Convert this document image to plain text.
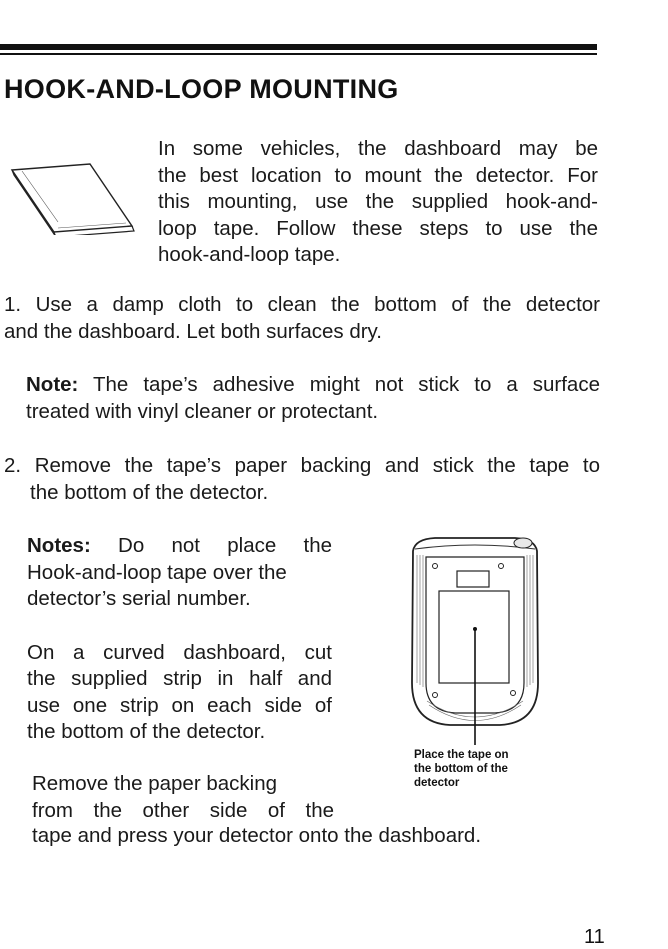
HOOK-AND-LOOP MOUNTING
In some vehicles, the dashboard may be
the best location to mount the detector. For
this mounting, use the supplied hook-and-
loop tape. Follow these steps to use the
hook-and-loop tape.
1. Use a damp cloth to clean the bottom of the detector
and the dashboard. Let both surfaces dry.
Note: The tape’s adhesive might not stick to a surface
treated with vinyl cleaner or protectant.
2. Remove the tape’s paper backing and stick the tape to
the bottom of the detector.

Notes: Do not place the
Hook-and-loop tape over the
detector’s serial number.

On a curved dashboard, cut
the supplied strip in half and
use one strip on each side of
the bottom of the detector.

Remove the paper backing
from the other side of the
tape and press your detector onto the dashboard.
Place the tape on
the bottom of the
detector
11
